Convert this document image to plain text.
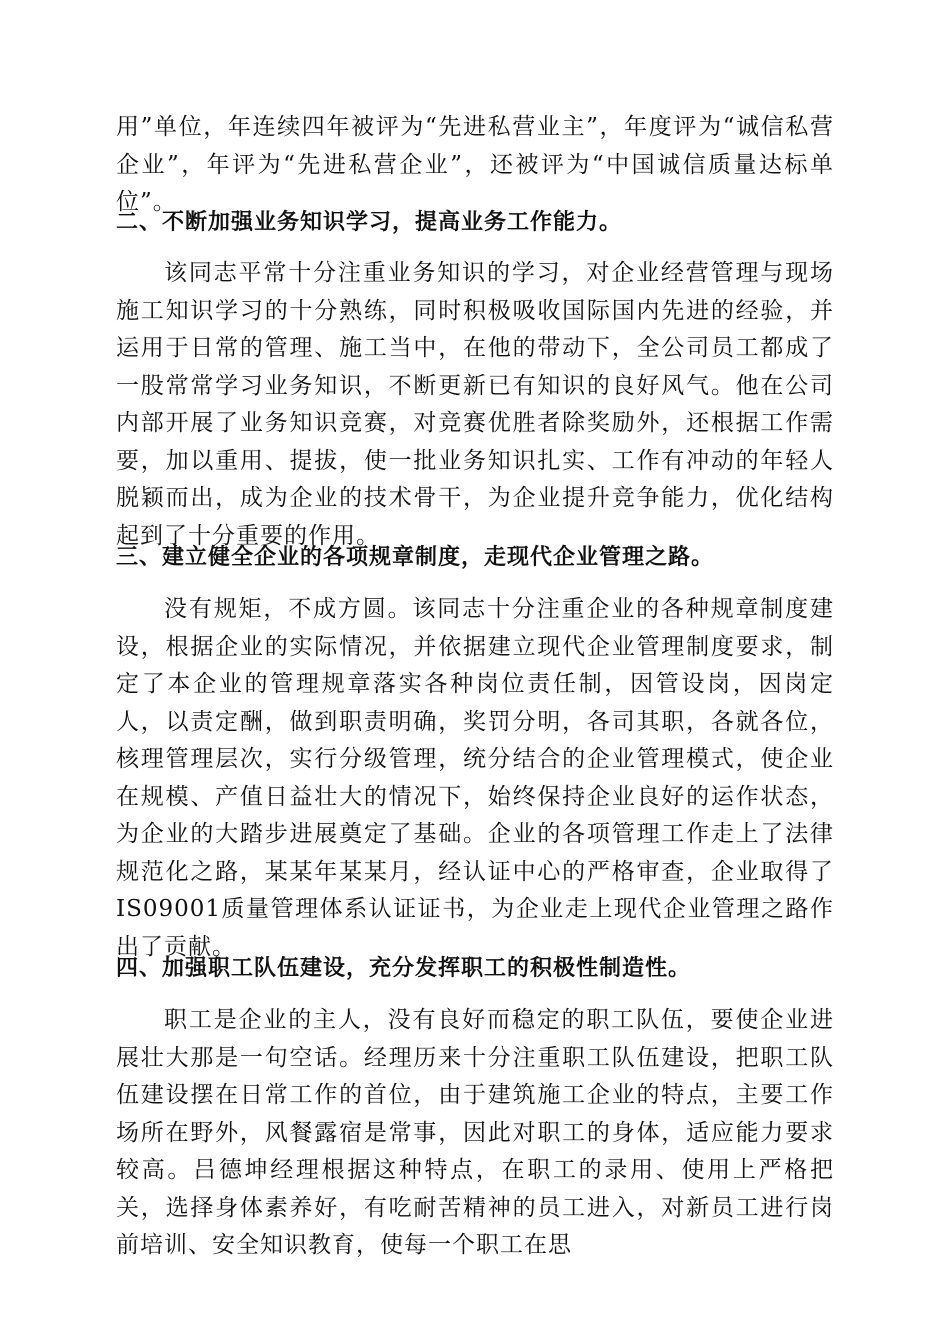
用”单位，年连续四年被评为“先进私营业主”，年度评为“诚信私营企业”，年评为“先进私营企业”，还被评为“中国诚信质量达标单位”。

二、不断加强业务知识学习，提高业务工作能力。

该同志平常十分注重业务知识的学习，对企业经营管理与现场施工知识学习的十分熟练，同时积极吸收国际国内先进的经验，并运用于日常的管理、施工当中，在他的带动下，全公司员工都成了一股常常学习业务知识，不断更新已有知识的良好风气。他在公司内部开展了业务知识竞赛，对竞赛优胜者除奖励外，还根据工作需要，加以重用、提拔，使一批业务知识扎实、工作有冲动的年轻人脱颖而出，成为企业的技术骨干，为企业提升竞争能力，优化结构起到了十分重要的作用。

三、建立健全企业的各项规章制度，走现代企业管理之路。

没有规矩，不成方圆。该同志十分注重企业的各种规章制度建设，根据企业的实际情况，并依据建立现代企业管理制度要求，制定了本企业的管理规章落实各种岗位责任制，因管设岗，因岗定人，以责定酬，做到职责明确，奖罚分明，各司其职，各就各位，核理管理层次，实行分级管理，统分结合的企业管理模式，使企业在规模、产值日益壮大的情况下，始终保持企业良好的运作状态，为企业的大踏步进展奠定了基础。企业的各项管理工作走上了法律规范化之路，某某年某某月，经认证中心的严格审查，企业取得了IS09001质量管理体系认证证书，为企业走上现代企业管理之路作出了贡献。

四、加强职工队伍建设，充分发挥职工的积极性制造性。

职工是企业的主人，没有良好而稳定的职工队伍，要使企业进展壮大那是一句空话。经理历来十分注重职工队伍建设，把职工队伍建设摆在日常工作的首位，由于建筑施工企业的特点，主要工作场所在野外，风餐露宿是常事，因此对职工的身体，适应能力要求较高。吕德坤经理根据这种特点，在职工的录用、使用上严格把关，选择身体素养好，有吃耐苦精神的员工进入，对新员工进行岗前培训、安全知识教育，使每一个职工在思
